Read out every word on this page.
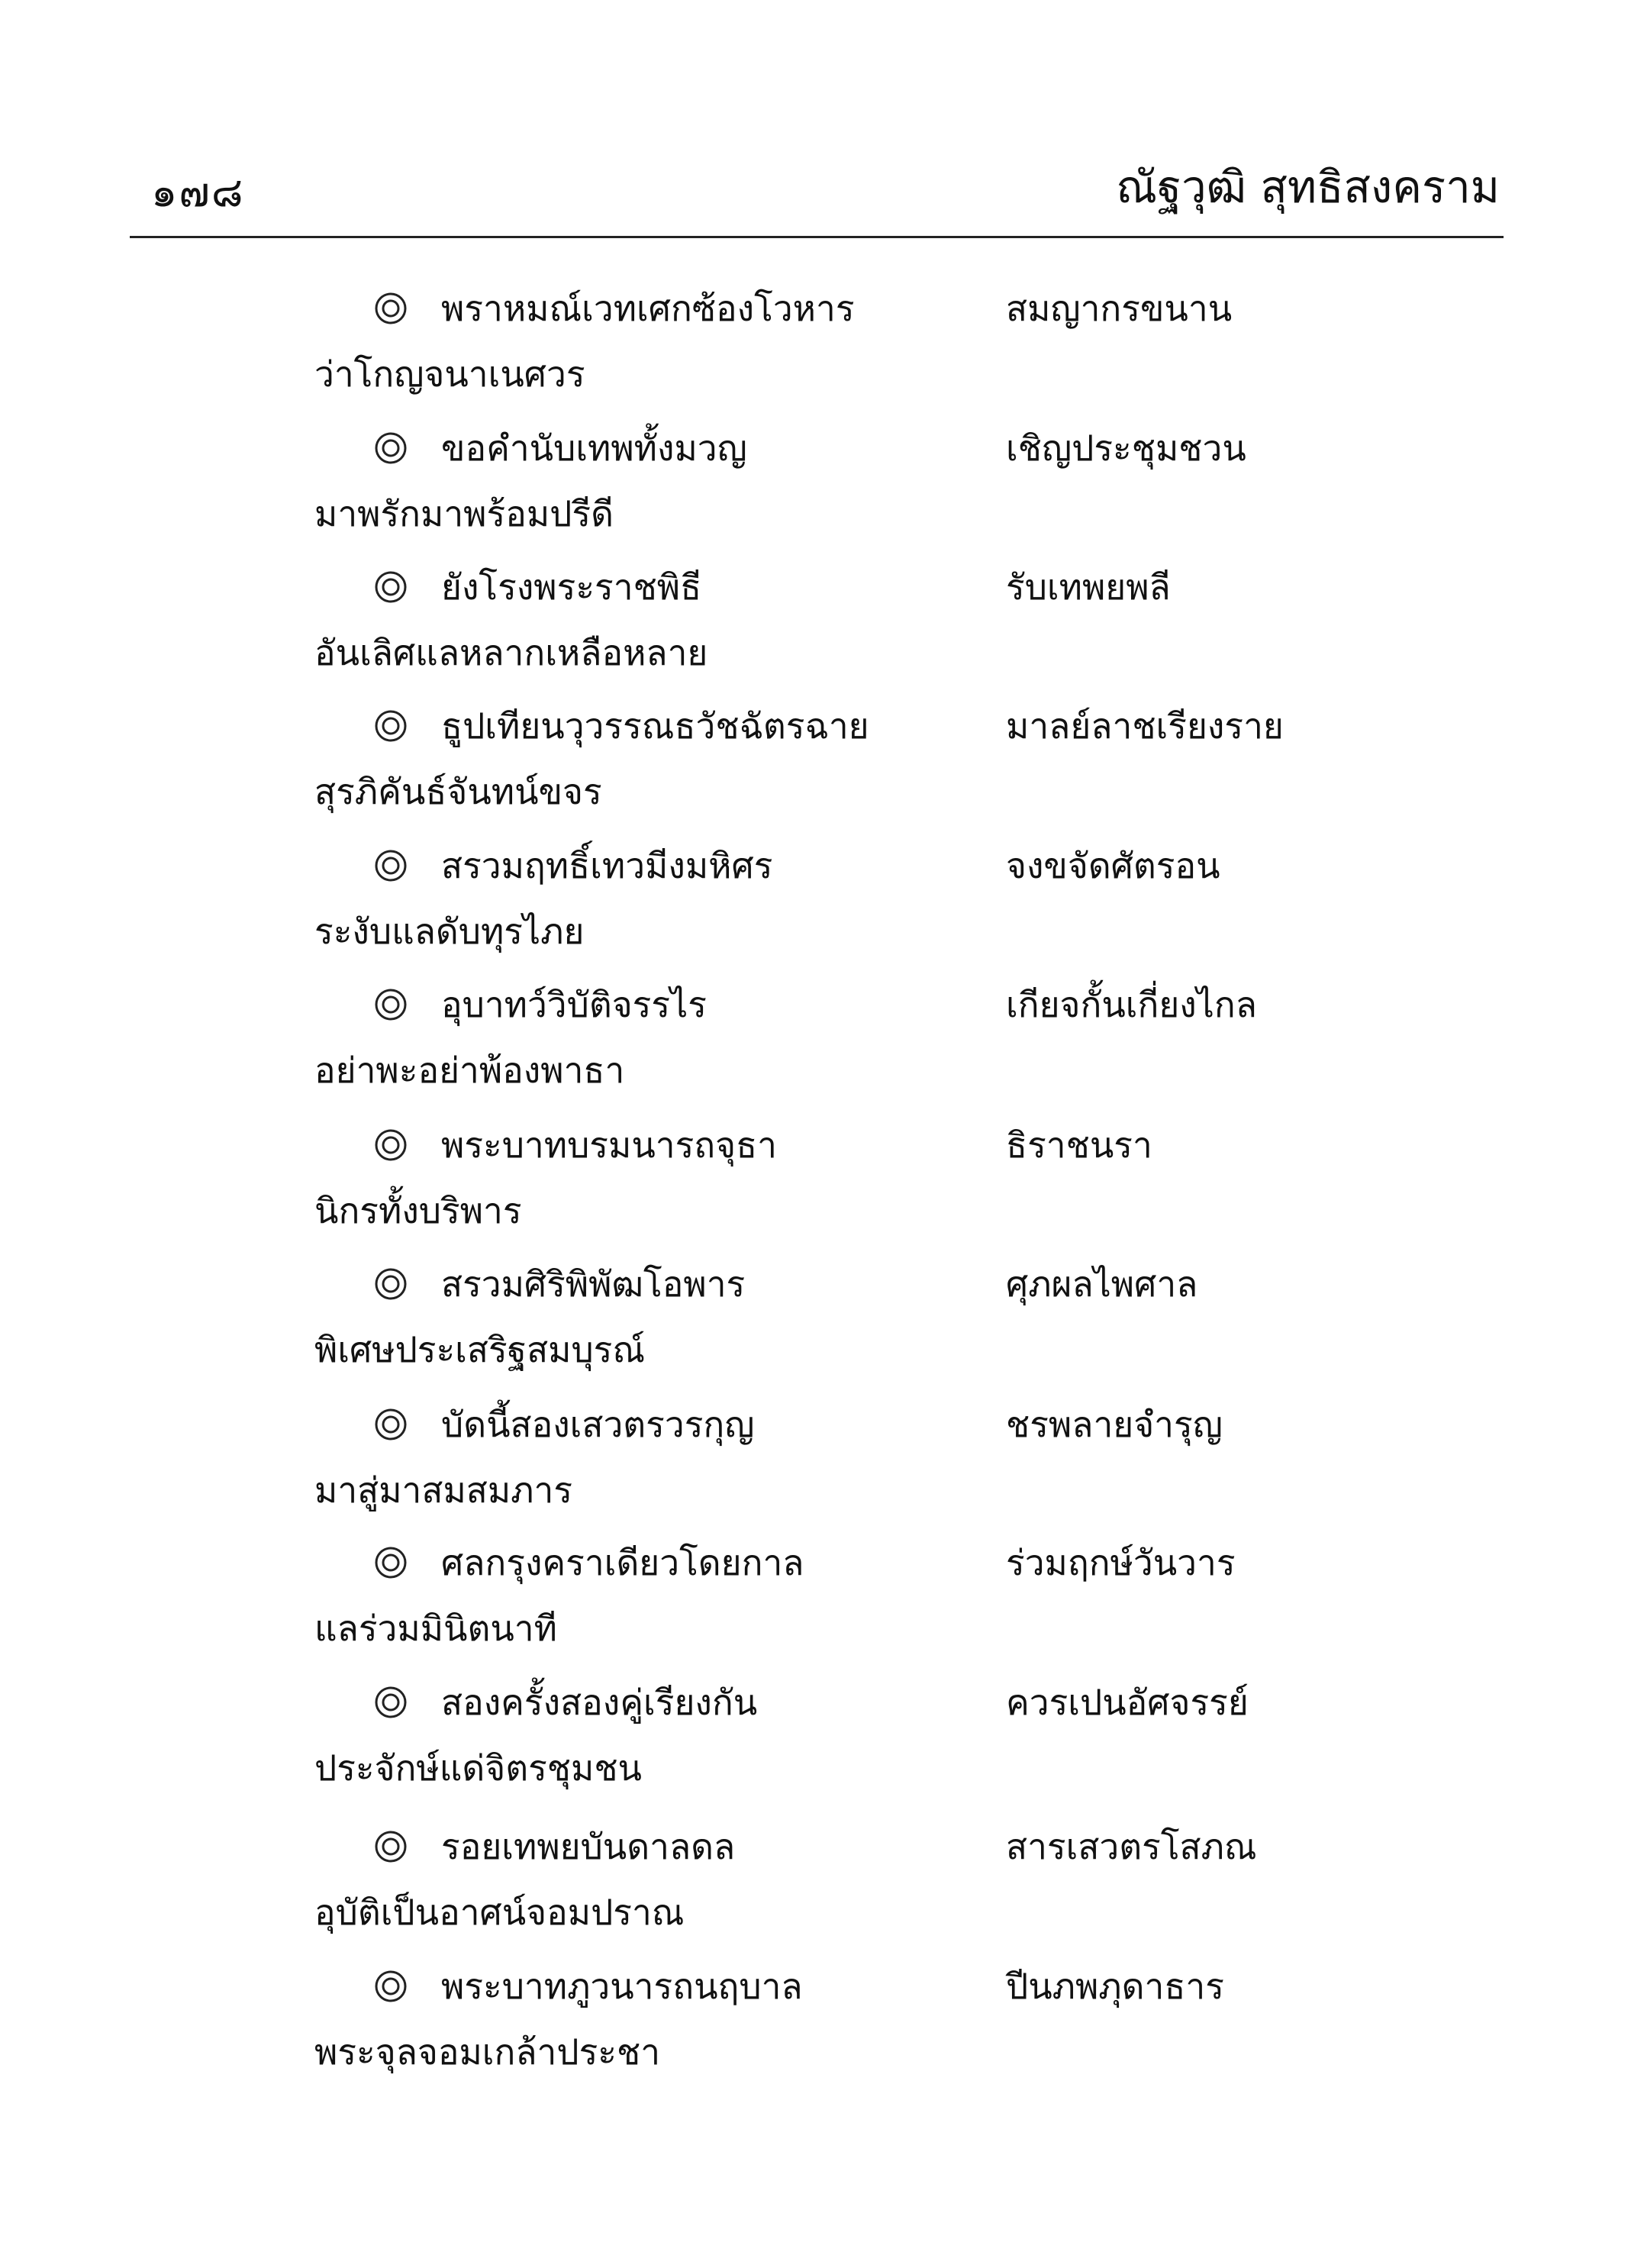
๑๗๘	ณัฐวุฒิ สุทธิสงคราม
พราหมณ์เวทเศกซ้องโวหาร	สมญากรขนาน
ว่าโกญจนาเนศวร
ขอคำนับเทพทั้งมวญ	เชิญประชุมชวน
มาพรักมาพร้อมปรีดี
ยังโรงพระราชพิธี	รับเทพยพลี
อันเลิศแลหลากเหลือหลาย
ธูปเทียนวุวรรณธวัชฉัตรฉาย	มาลย์ลาชเรียงราย
สุรภิคันธ์จันทน์ขจร
สรวมฤทธิ์เทวมีงมหิศร	จงขจัดศัตรอน
ระงับแลดับทุรไภย
อุบาทว์วิบัติจรรไร	เกียจกั้นเกี่ยงไกล
อย่าพะอย่าพ้องพาธา
พระบาทบรมนารถจุธา	ธิราชนรา
นิกรทั้งบริพาร
สรวมศิริพิพัฒโอพาร	ศุภผลไพศาล
พิเศษประเสริฐสมบุรณ์
บัดนี้สองเสวตรวรกุญ	ชรพลายจำรุญ
มาสู่มาสมสมภาร
ศลกรุงคราเดียวโดยกาล	ร่วมฤกษ์วันวาร
แลร่วมมินิตนาที
สองครั้งสองคู่เรียงกัน	ควรเปนอัศจรรย์
ประจักษ์แด่จิตรชุมชน
รอยเทพยบันดาลดล	สารเสวตรโสภณ
อุบัติเป็นอาศน์จอมปราณ
พระบาทภูวนารถนฤบาล	ปีนภพภุดาธาร
พระจุลจอมเกล้าประชา
